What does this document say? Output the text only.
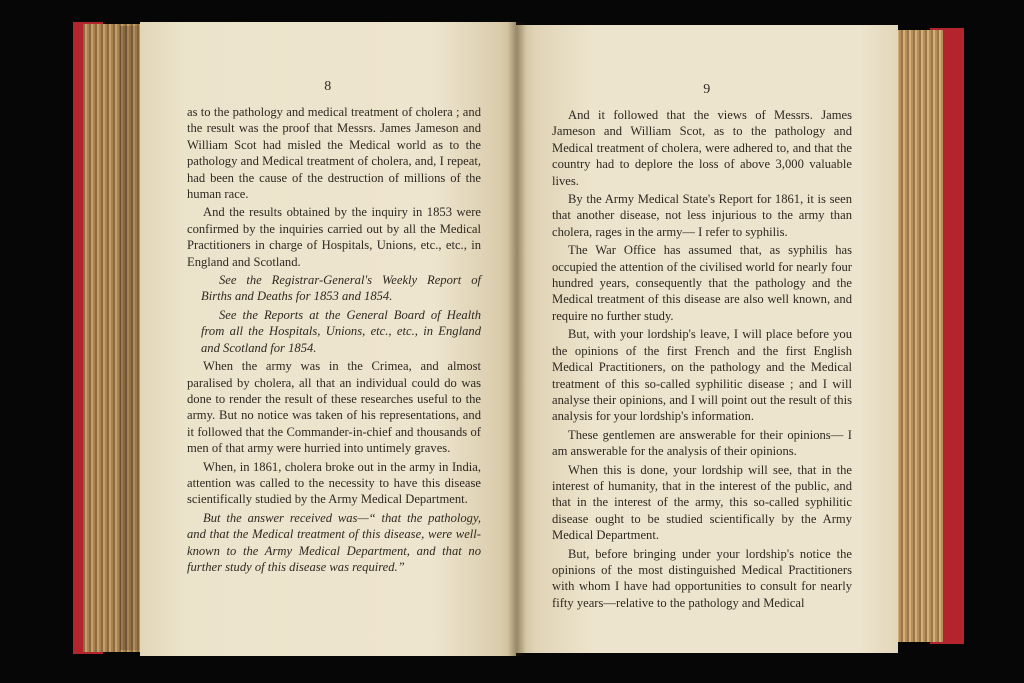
8

as to the pathology and medical treatment of cholera ; and the result was the proof that Messrs. James Jameson and William Scot had misled the Medical world as to the pathology and Medical treatment of cholera, and, I repeat, had been the cause of the destruction of millions of the human race.

And the results obtained by the inquiry in 1853 were confirmed by the inquiries carried out by all the Medical Practitioners in charge of Hospitals, Unions, etc., etc., in England and Scotland.

See the Registrar-General's Weekly Report of Births and Deaths for 1853 and 1854.

See the Reports at the General Board of Health from all the Hospitals, Unions, etc., etc., in England and Scotland for 1854.

When the army was in the Crimea, and almost paralised by cholera, all that an individual could do was done to render the result of these researches useful to the army. But no notice was taken of his representations, and it followed that the Commander-in-chief and thousands of men of that army were hurried into untimely graves.

When, in 1861, cholera broke out in the army in India, attention was called to the necessity to have this disease scientifically studied by the Army Medical Department.

But the answer received was—“ that the pathology, and that the Medical treatment of this disease, were well-known to the Army Medical Department, and that no further study of this disease was required.”

9

And it followed that the views of Messrs. James Jameson and William Scot, as to the pathology and Medical treatment of cholera, were adhered to, and that the country had to deplore the loss of above 3,000 valuable lives.

By the Army Medical State's Report for 1861, it is seen that another disease, not less injurious to the army than cholera, rages in the army— I refer to syphilis.

The War Office has assumed that, as syphilis has occupied the attention of the civilised world for nearly four hundred years, consequently that the pathology and the Medical treatment of this disease are also well known, and require no further study.

But, with your lordship's leave, I will place before you the opinions of the first French and the first English Medical Practitioners, on the pathology and the Medical treatment of this so-called syphilitic disease ; and I will analyse their opinions, and I will point out the result of this analysis for your lordship's information.

These gentlemen are answerable for their opinions— I am answerable for the analysis of their opinions.

When this is done, your lordship will see, that in the interest of humanity, that in the interest of the public, and that in the interest of the army, this so-called syphilitic disease ought to be studied scientifically by the Army Medical Department.

But, before bringing under your lordship's notice the opinions of the most distinguished Medical Practitioners with whom I have had opportunities to consult for nearly fifty years—relative to the pathology and Medical
